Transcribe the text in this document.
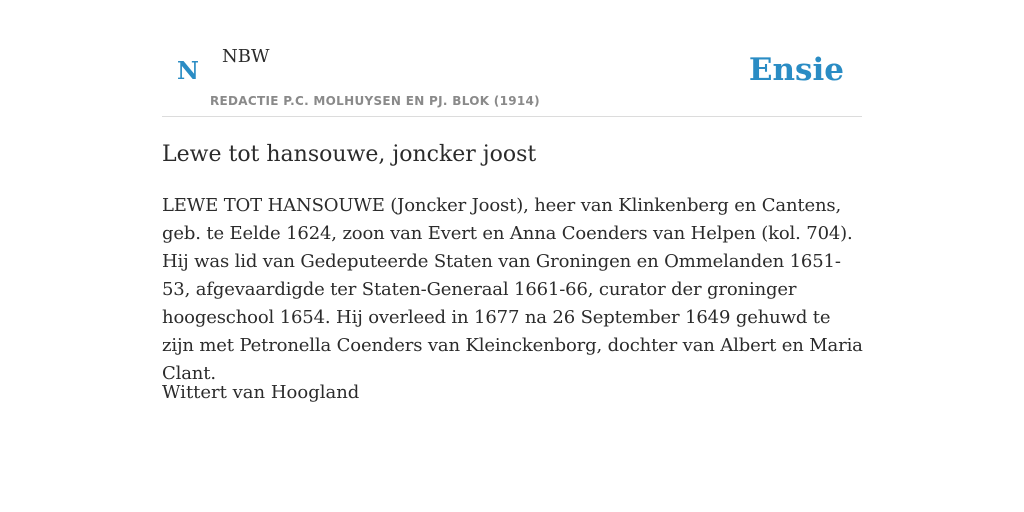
N NBW
REDACTIE P.C. MOLHUYSEN EN PJ. BLOK (1914)
Ensie
Lewe tot hansouwe, joncker joost

LEWE TOT HANSOUWE (Joncker Joost), heer van Klinkenberg en Cantens, geb. te Eelde 1624, zoon van Evert en Anna Coenders van Helpen (kol. 704). Hij was lid van Gedeputeerde Staten van Groningen en Ommelanden 1651-53, afgevaardigde ter Staten-Generaal 1661-66, curator der groninger hoogeschool 1654. Hij overleed in 1677 na 26 September 1649 gehuwd te zijn met Petronella Coenders van Kleinckenborg, dochter van Albert en Maria Clant.

Wittert van Hoogland
